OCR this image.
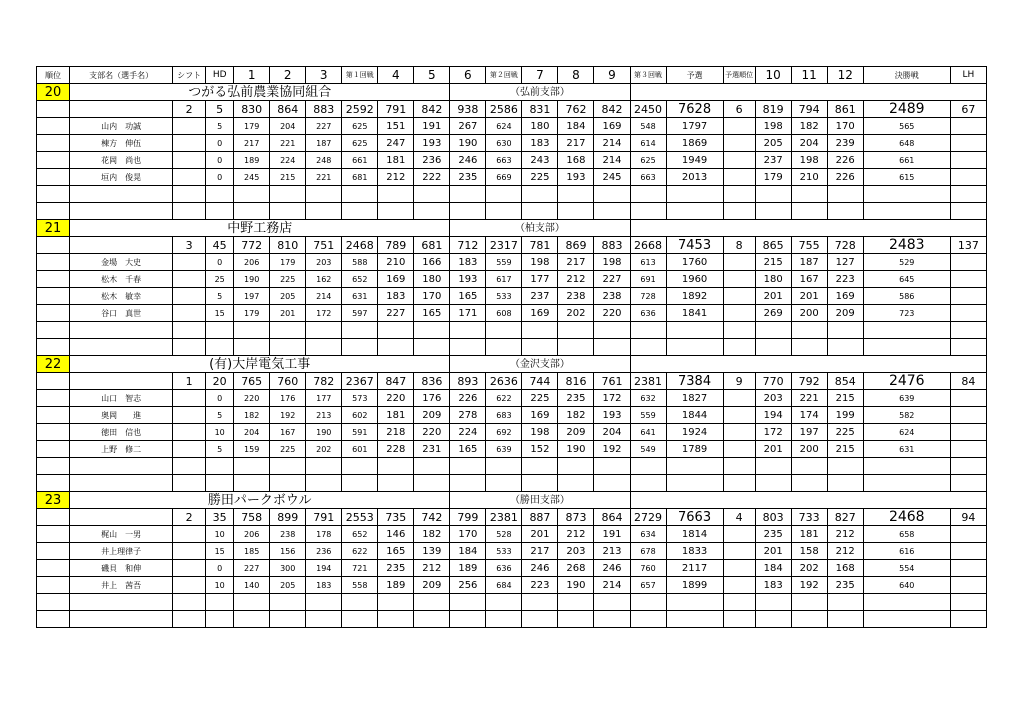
順位	支部名（選手名）	シフト	HD	1	2	3	第１回戦	4	5	6	第２回戦	7	8	9	第３回戦	予選	予選順位	10	11	12	決勝戦	LH
20	つがる弘前農業協同組合									（弘前支部）												
		2	5	830	864	883	2592	791	842	938	2586	831	762	842	2450	7628	6	819	794	861	2489	67
	山内　功誠		5	179	204	227	625	151	191	267	624	180	184	169	548	1797		198	182	170	565	
	棟方　伸伍		0	217	221	187	625	247	193	190	630	183	217	214	614	1869		205	204	239	648	
	花岡　尚也		0	189	224	248	661	181	236	246	663	243	168	214	625	1949		237	198	226	661	
	垣内　俊晃		0	245	215	221	681	212	222	235	669	225	193	245	663	2013		179	210	226	615	

21	中野工務店									（柏支部）												
		3	45	772	810	751	2468	789	681	712	2317	781	869	883	2668	7453	8	865	755	728	2483	137
	金場　大史		0	206	179	203	588	210	166	183	559	198	217	198	613	1760		215	187	127	529	
	松木　千春		25	190	225	162	652	169	180	193	617	177	212	227	691	1960		180	167	223	645	
	松木　敏幸		5	197	205	214	631	183	170	165	533	237	238	238	728	1892		201	201	169	586	
	谷口　真世		15	179	201	172	597	227	165	171	608	169	202	220	636	1841		269	200	209	723	

22	(有)大岸電気工事									（金沢支部）												
		1	20	765	760	782	2367	847	836	893	2636	744	816	761	2381	7384	9	770	792	854	2476	84
	山口　智志		0	220	176	177	573	220	176	226	622	225	235	172	632	1827		203	221	215	639	
	奥岡　　進		5	182	192	213	602	181	209	278	683	169	182	193	559	1844		194	174	199	582	
	徳田　信也		10	204	167	190	591	218	220	224	692	198	209	204	641	1924		172	197	225	624	
	上野　修二		5	159	225	202	601	228	231	165	639	152	190	192	549	1789		201	200	215	631	

23	勝田パークボウル									（勝田支部）												
		2	35	758	899	791	2553	735	742	799	2381	887	873	864	2729	7663	4	803	733	827	2468	94
	梶山　一男		10	206	238	178	652	146	182	170	528	201	212	191	634	1814		235	181	212	658	
	井上理律子		15	185	156	236	622	165	139	184	533	217	203	213	678	1833		201	158	212	616	
	磯貝　和伸		0	227	300	194	721	235	212	189	636	246	268	246	760	2117		184	202	168	554	
	井上　茜吾		10	140	205	183	558	189	209	256	684	223	190	214	657	1899		183	192	235	640	
